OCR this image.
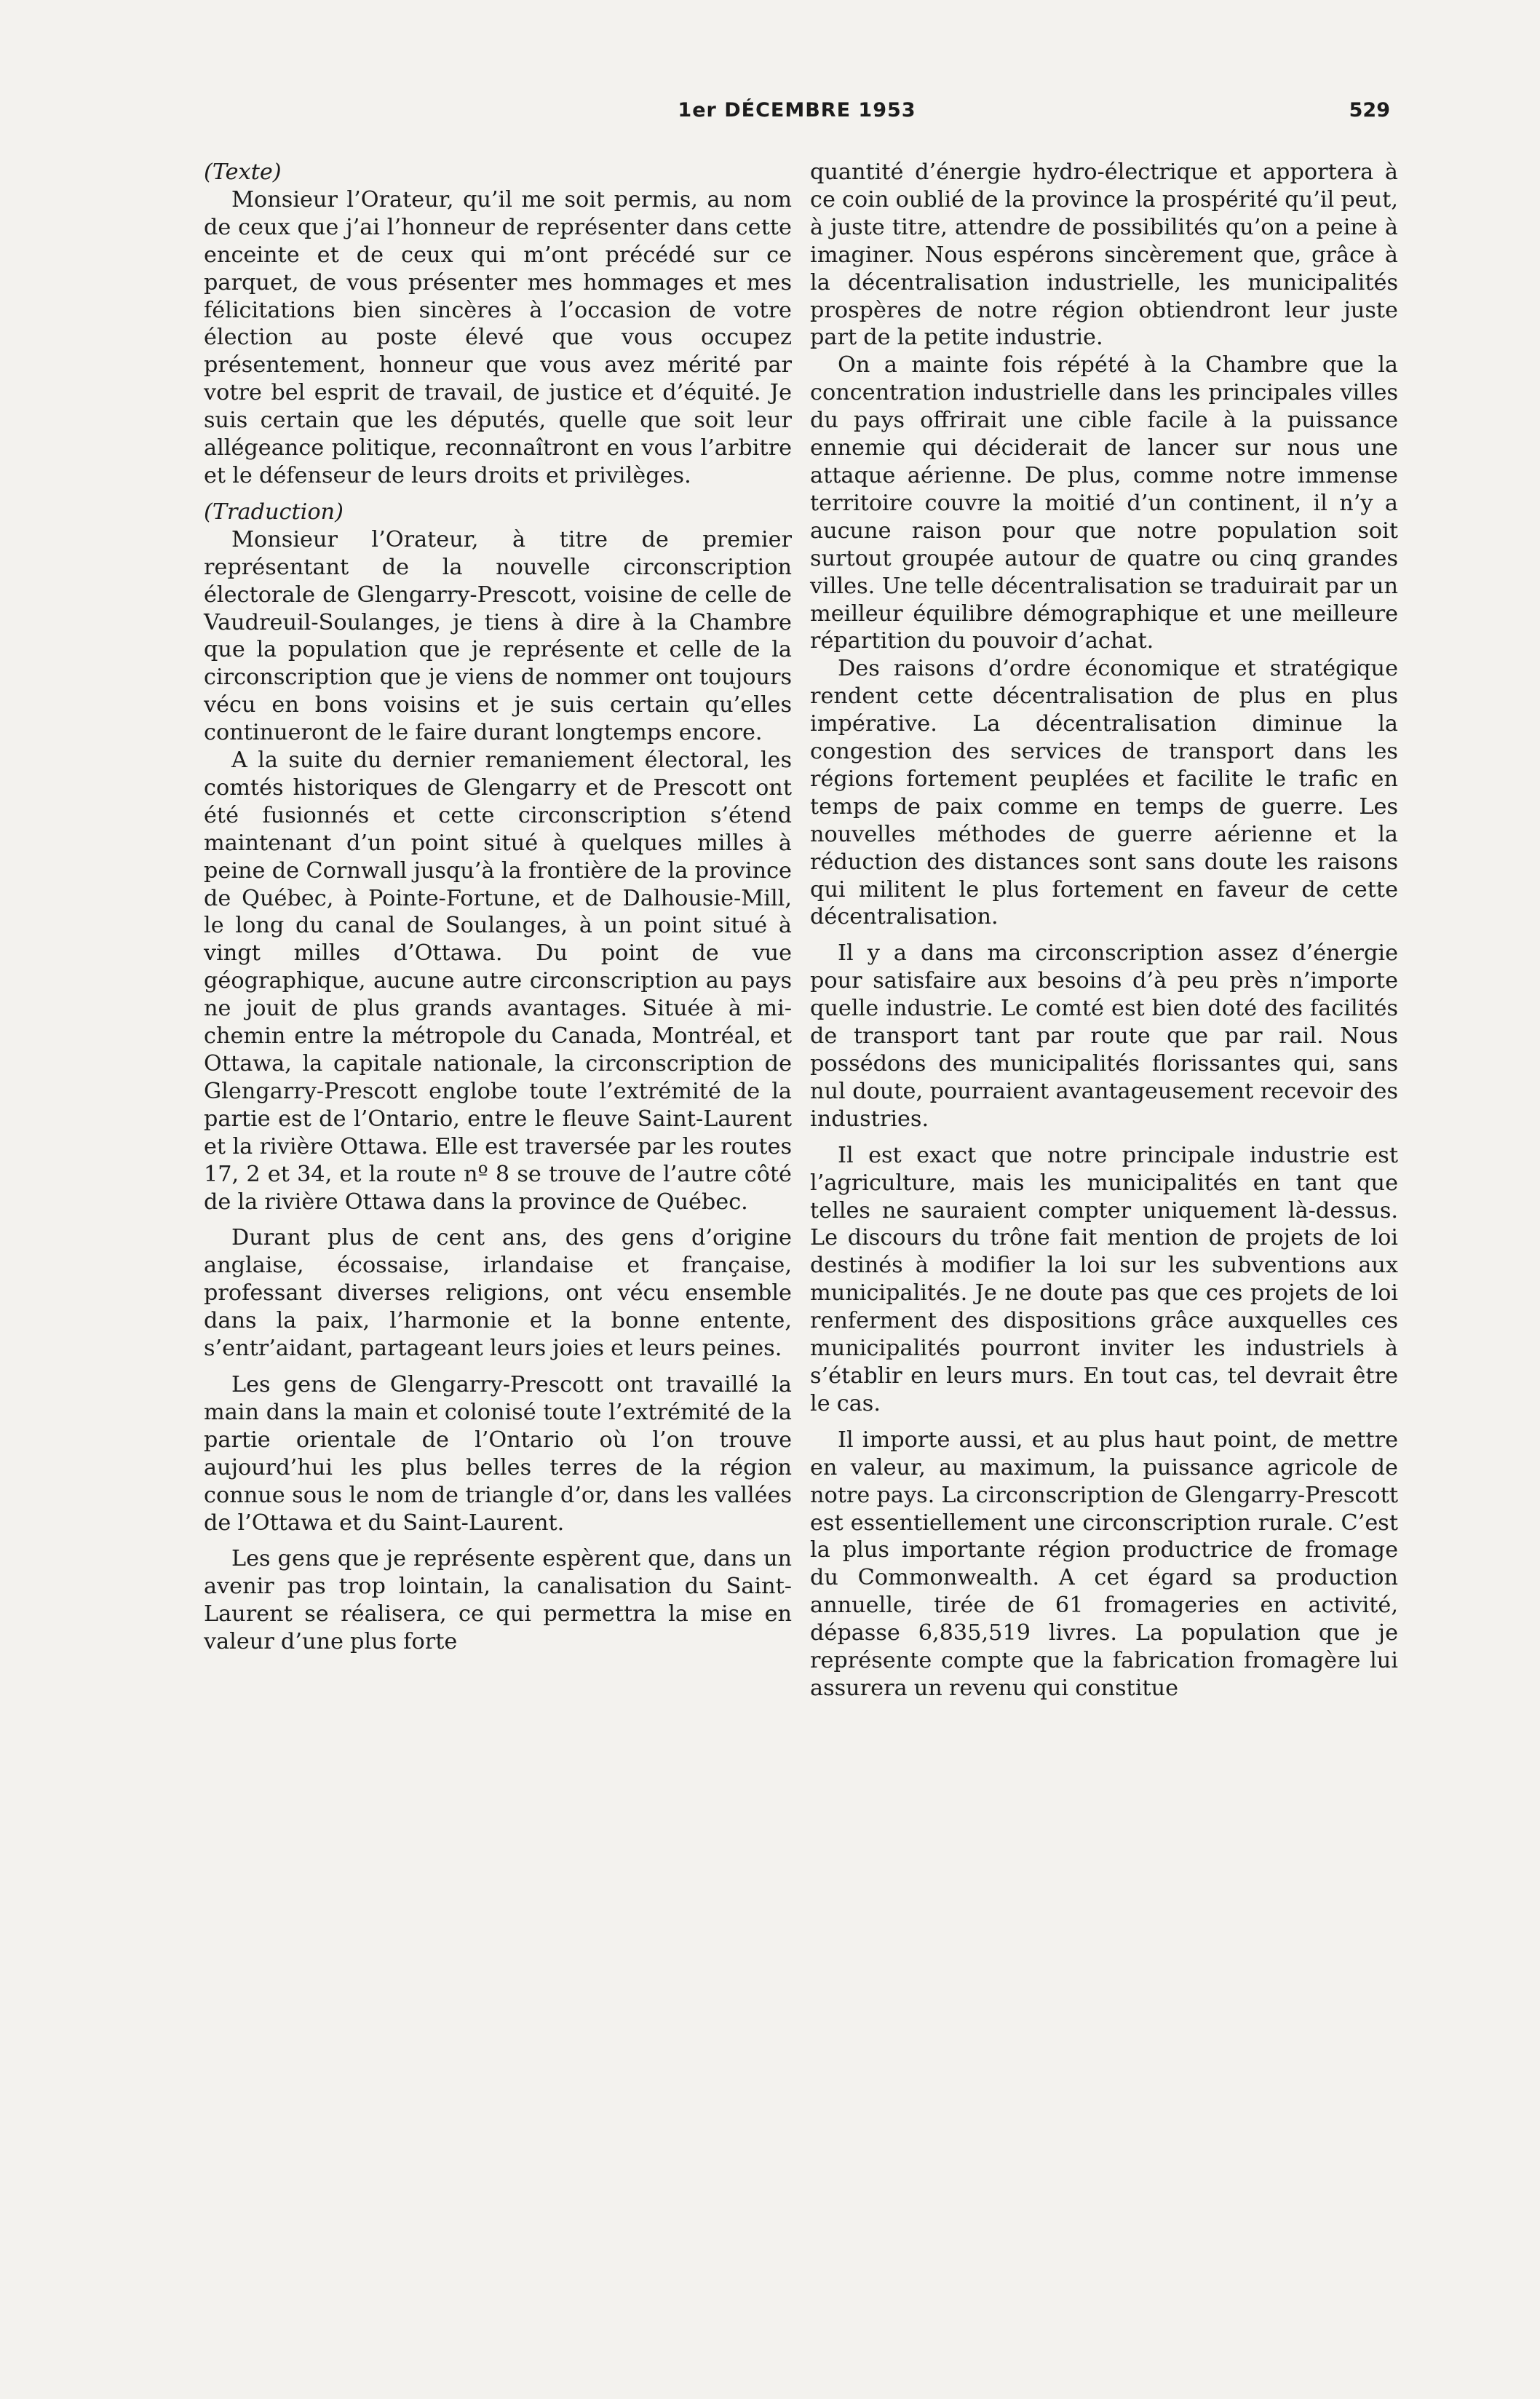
1er DÉCEMBRE 1953	529

(Texte)

Monsieur l’Orateur, qu’il me soit permis, au nom de ceux que j’ai l’honneur de représenter dans cette enceinte et de ceux qui m’ont précédé sur ce parquet, de vous présenter mes hommages et mes félicitations bien sincères à l’occasion de votre élection au poste élevé que vous occupez présentement, honneur que vous avez mérité par votre bel esprit de travail, de justice et d’équité. Je suis certain que les députés, quelle que soit leur allégeance politique, reconnaîtront en vous l’arbitre et le défenseur de leurs droits et privilèges.

(Traduction)

Monsieur l’Orateur, à titre de premier représentant de la nouvelle circonscription électorale de Glengarry-Prescott, voisine de celle de Vaudreuil-Soulanges, je tiens à dire à la Chambre que la population que je représente et celle de la circonscription que je viens de nommer ont toujours vécu en bons voisins et je suis certain qu’elles continueront de le faire durant longtemps encore.

A la suite du dernier remaniement électoral, les comtés historiques de Glengarry et de Prescott ont été fusionnés et cette circonscription s’étend maintenant d’un point situé à quelques milles à peine de Cornwall jusqu’à la frontière de la province de Québec, à Pointe-Fortune, et de Dalhousie-Mill, le long du canal de Soulanges, à un point situé à vingt milles d’Ottawa. Du point de vue géographique, aucune autre circonscription au pays ne jouit de plus grands avantages. Située à mi-chemin entre la métropole du Canada, Montréal, et Ottawa, la capitale nationale, la circonscription de Glengarry-Prescott englobe toute l’extrémité de la partie est de l’Ontario, entre le fleuve Saint-Laurent et la rivière Ottawa. Elle est traversée par les routes 17, 2 et 34, et la route nº 8 se trouve de l’autre côté de la rivière Ottawa dans la province de Québec.

Durant plus de cent ans, des gens d’origine anglaise, écossaise, irlandaise et française, professant diverses religions, ont vécu ensemble dans la paix, l’harmonie et la bonne entente, s’entr’aidant, partageant leurs joies et leurs peines.

Les gens de Glengarry-Prescott ont travaillé la main dans la main et colonisé toute l’extrémité de la partie orientale de l’Ontario où l’on trouve aujourd’hui les plus belles terres de la région connue sous le nom de triangle d’or, dans les vallées de l’Ottawa et du Saint-Laurent.

Les gens que je représente espèrent que, dans un avenir pas trop lointain, la canalisation du Saint-Laurent se réalisera, ce qui permettra la mise en valeur d’une plus forte

quantité d’énergie hydro-électrique et apportera à ce coin oublié de la province la prospérité qu’il peut, à juste titre, attendre de possibilités qu’on a peine à imaginer. Nous espérons sincèrement que, grâce à la décentralisation industrielle, les municipalités prospères de notre région obtiendront leur juste part de la petite industrie.

On a mainte fois répété à la Chambre que la concentration industrielle dans les principales villes du pays offrirait une cible facile à la puissance ennemie qui déciderait de lancer sur nous une attaque aérienne. De plus, comme notre immense territoire couvre la moitié d’un continent, il n’y a aucune raison pour que notre population soit surtout groupée autour de quatre ou cinq grandes villes. Une telle décentralisation se traduirait par un meilleur équilibre démographique et une meilleure répartition du pouvoir d’achat.

Des raisons d’ordre économique et stratégique rendent cette décentralisation de plus en plus impérative. La décentralisation diminue la congestion des services de transport dans les régions fortement peuplées et facilite le trafic en temps de paix comme en temps de guerre. Les nouvelles méthodes de guerre aérienne et la réduction des distances sont sans doute les raisons qui militent le plus fortement en faveur de cette décentralisation.

Il y a dans ma circonscription assez d’énergie pour satisfaire aux besoins d’à peu près n’importe quelle industrie. Le comté est bien doté des facilités de transport tant par route que par rail. Nous possédons des municipalités florissantes qui, sans nul doute, pourraient avantageusement recevoir des industries.

Il est exact que notre principale industrie est l’agriculture, mais les municipalités en tant que telles ne sauraient compter uniquement là-dessus. Le discours du trône fait mention de projets de loi destinés à modifier la loi sur les subventions aux municipalités. Je ne doute pas que ces projets de loi renferment des dispositions grâce auxquelles ces municipalités pourront inviter les industriels à s’établir en leurs murs. En tout cas, tel devrait être le cas.

Il importe aussi, et au plus haut point, de mettre en valeur, au maximum, la puissance agricole de notre pays. La circonscription de Glengarry-Prescott est essentiellement une circonscription rurale. C’est la plus importante région productrice de fromage du Commonwealth. A cet égard sa production annuelle, tirée de 61 fromageries en activité, dépasse 6,835,519 livres. La population que je représente compte que la fabrication fromagère lui assurera un revenu qui constitue
